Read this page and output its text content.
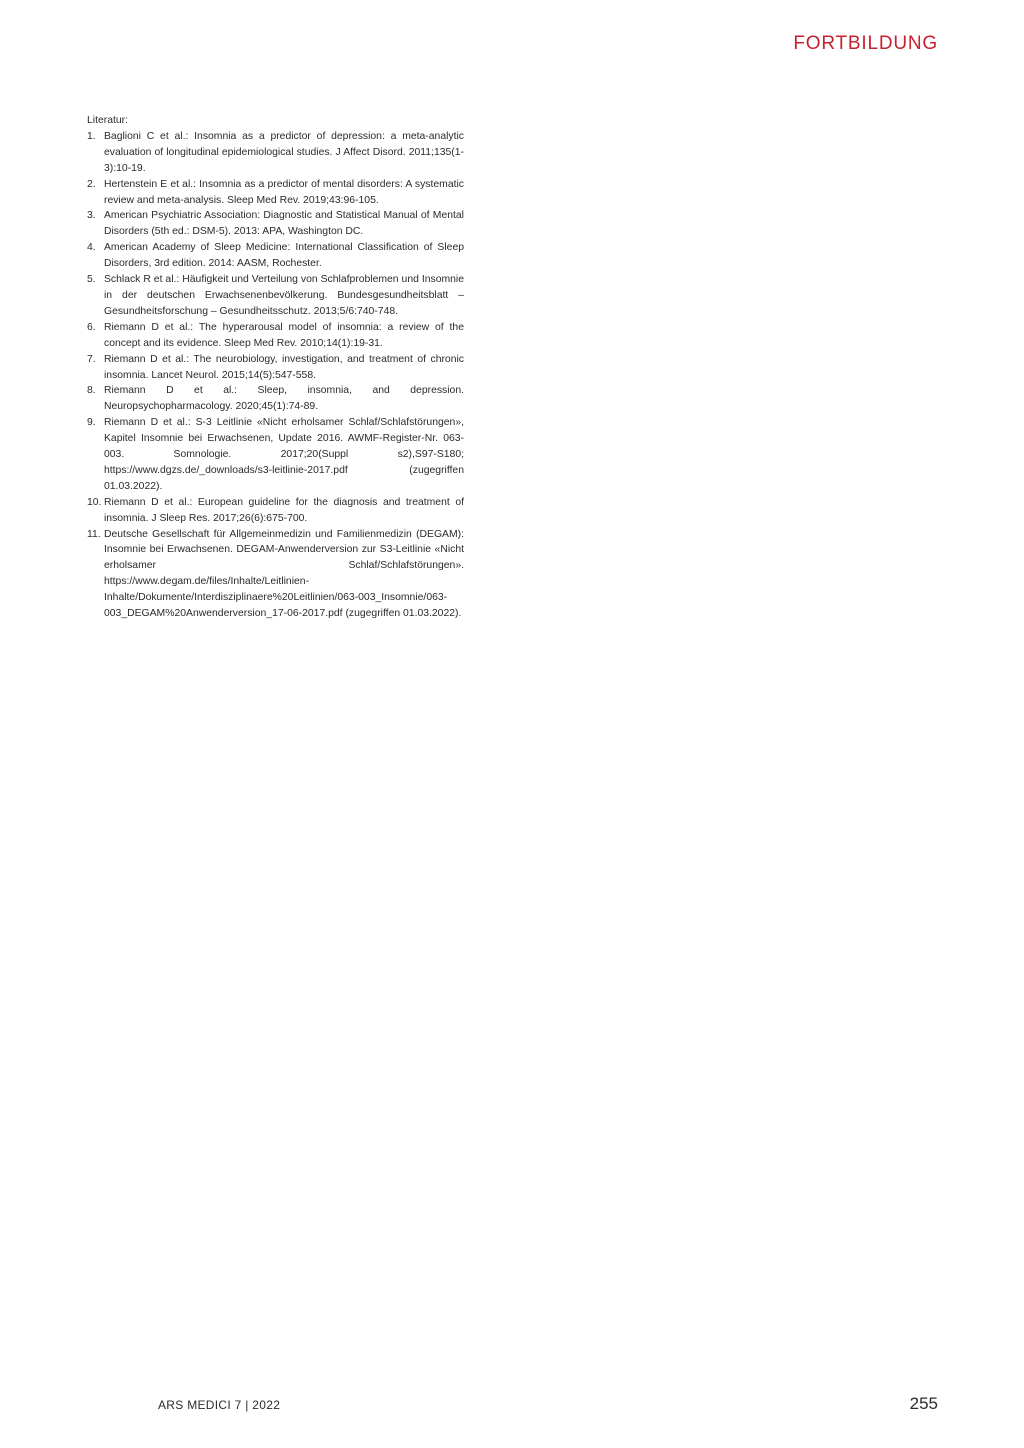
FORTBILDUNG

Literatur:

1. Baglioni C et al.: Insomnia as a predictor of depression: a meta-analytic evaluation of longitudinal epidemiological studies. J Affect Disord. 2011;135(1-3):10-19.
2. Hertenstein E et al.: Insomnia as a predictor of mental disorders: A systematic review and meta-analysis. Sleep Med Rev. 2019;43:96-105.
3. American Psychiatric Association: Diagnostic and Statistical Manual of Mental Disorders (5th ed.: DSM-5). 2013: APA, Washington DC.
4. American Academy of Sleep Medicine: International Classification of Sleep Disorders, 3rd edition. 2014: AASM, Rochester.
5. Schlack R et al.: Häufigkeit und Verteilung von Schlafproblemen und Insomnie in der deutschen Erwachsenenbevölkerung. Bundesgesundheitsblatt – Gesundheitsforschung – Gesundheitsschutz. 2013;5/6:740-748.
6. Riemann D et al.: The hyperarousal model of insomnia: a review of the concept and its evidence. Sleep Med Rev. 2010;14(1):19-31.
7. Riemann D et al.: The neurobiology, investigation, and treatment of chronic insomnia. Lancet Neurol. 2015;14(5):547-558.
8. Riemann D et al.: Sleep, insomnia, and depression. Neuropsychopharmacology. 2020;45(1):74-89.
9. Riemann D et al.: S-3 Leitlinie «Nicht erholsamer Schlaf/Schlafstörungen», Kapitel Insomnie bei Erwachsenen, Update 2016. AWMF-Register-Nr. 063-003. Somnologie. 2017;20(Suppl s2),S97-S180; https://www.dgzs.de/_downloads/s3-leitlinie-2017.pdf (zugegriffen 01.03.2022).
10. Riemann D et al.: European guideline for the diagnosis and treatment of insomnia. J Sleep Res. 2017;26(6):675-700.
11. Deutsche Gesellschaft für Allgemeinmedizin und Familienmedizin (DEGAM): Insomnie bei Erwachsenen. DEGAM-Anwenderversion zur S3-Leitlinie «Nicht erholsamer Schlaf/Schlafstörungen». https://www.degam.de/files/Inhalte/Leitlinien-Inhalte/Dokumente/Interdisziplinaere%20Leitlinien/063-003_Insomnie/063-003_DEGAM%20Anwenderversion_17-06-2017.pdf (zugegriffen 01.03.2022).
ARS MEDICI 7 | 2022	255
